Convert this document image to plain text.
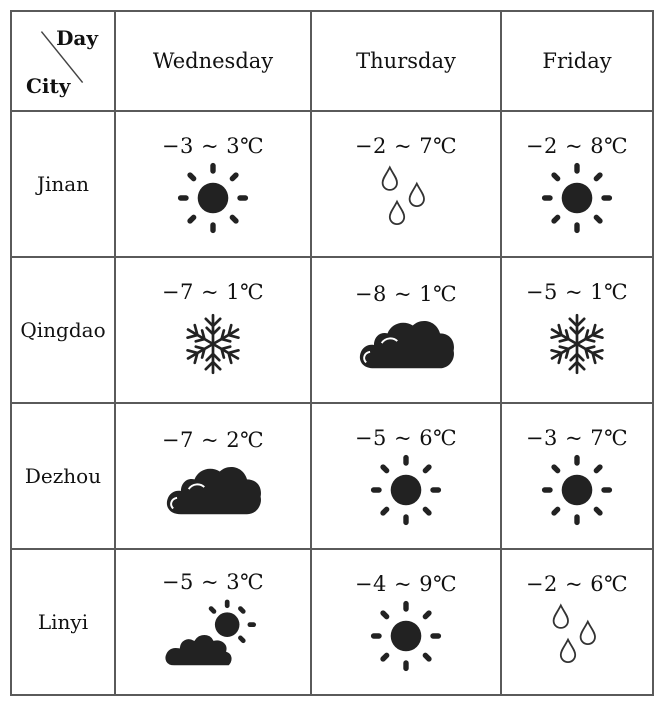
Day
City	Wednesday	Thursday	Friday
Jinan	−3 ~ 3℃	−2 ~ 7℃	−2 ~ 8℃

Qingdao	−7 ~ 1℃	−8 ~ 1℃	−5 ~ 1℃

Dezhou	−7 ~ 2℃	−5 ~ 6℃	−3 ~ 7℃

Linyi	−5 ~ 3℃	−4 ~ 9℃	−2 ~ 6℃
